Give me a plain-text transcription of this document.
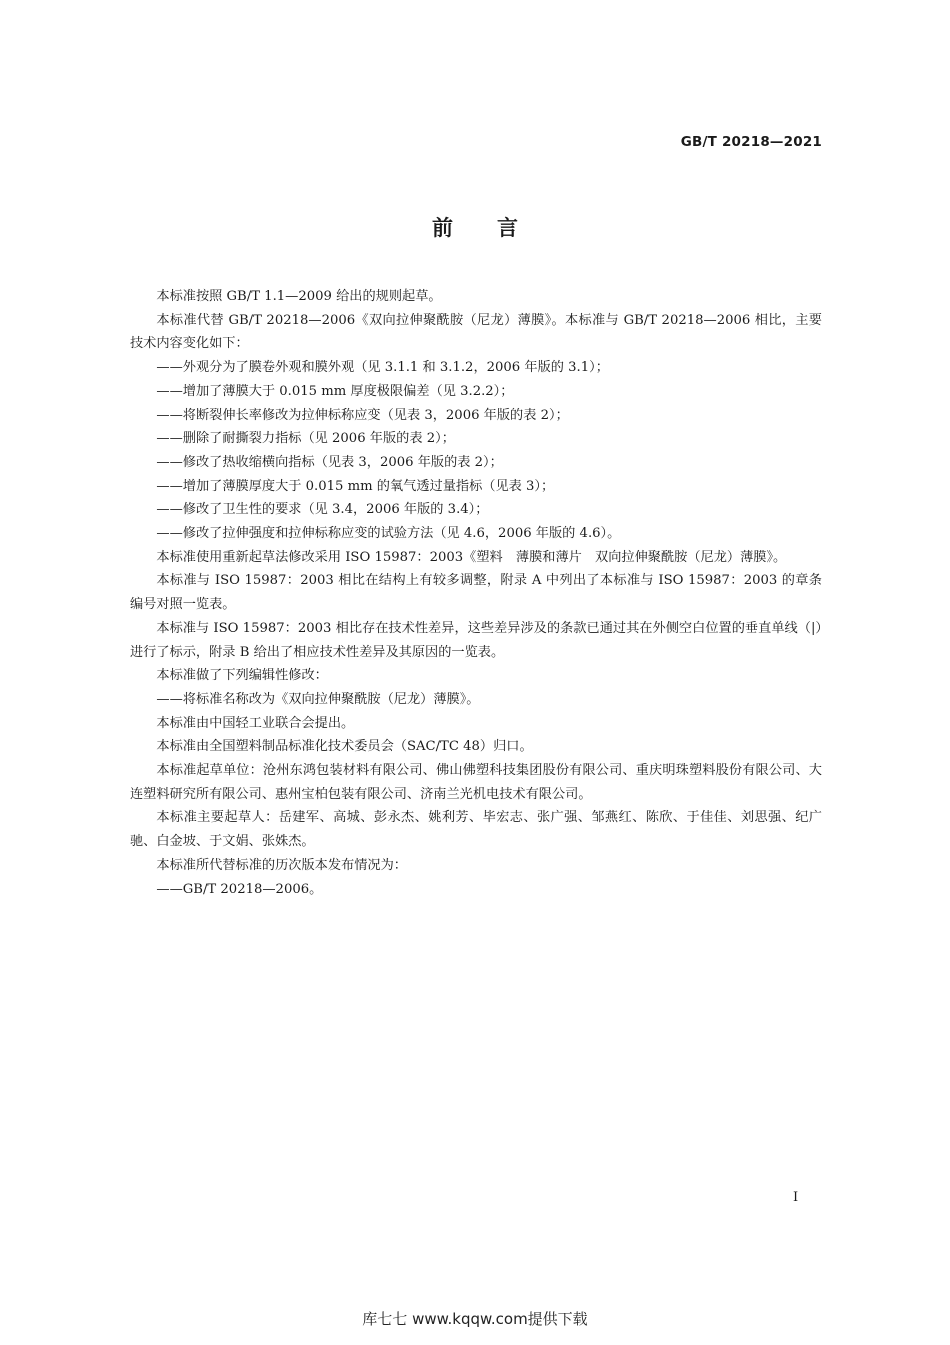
GB/T 20218—2021
前言

本标准按照 GB/T 1.1—2009 给出的规则起草。

本标准代替 GB/T 20218—2006《双向拉伸聚酰胺（尼龙）薄膜》。本标准与 GB/T 20218—2006 相比，主要技术内容变化如下：

——外观分为了膜卷外观和膜外观（见 3.1.1 和 3.1.2，2006 年版的 3.1）；

——增加了薄膜大于 0.015 mm 厚度极限偏差（见 3.2.2）；

——将断裂伸长率修改为拉伸标称应变（见表 3，2006 年版的表 2）；

——删除了耐撕裂力指标（见 2006 年版的表 2）；

——修改了热收缩横向指标（见表 3，2006 年版的表 2）；

——增加了薄膜厚度大于 0.015 mm 的氧气透过量指标（见表 3）；

——修改了卫生性的要求（见 3.4，2006 年版的 3.4）；

——修改了拉伸强度和拉伸标称应变的试验方法（见 4.6，2006 年版的 4.6）。

本标准使用重新起草法修改采用 ISO 15987：2003《塑料　薄膜和薄片　双向拉伸聚酰胺（尼龙）薄膜》。

本标准与 ISO 15987：2003 相比在结构上有较多调整，附录 A 中列出了本标准与 ISO 15987：2003 的章条编号对照一览表。

本标准与 ISO 15987：2003 相比存在技术性差异，这些差异涉及的条款已通过其在外侧空白位置的垂直单线（|）进行了标示，附录 B 给出了相应技术性差异及其原因的一览表。

本标准做了下列编辑性修改：

——将标准名称改为《双向拉伸聚酰胺（尼龙）薄膜》。

本标准由中国轻工业联合会提出。

本标准由全国塑料制品标准化技术委员会（SAC/TC 48）归口。

本标准起草单位：沧州东鸿包装材料有限公司、佛山佛塑科技集团股份有限公司、重庆明珠塑料股份有限公司、大连塑料研究所有限公司、惠州宝柏包装有限公司、济南兰光机电技术有限公司。

本标准主要起草人：岳建军、高城、彭永杰、姚利芳、毕宏志、张广强、邹燕红、陈欣、于佳佳、刘思强、纪广驰、白金坡、于文娟、张姝杰。

本标准所代替标准的历次版本发布情况为：

——GB/T 20218—2006。

I
库七七 www.kqqw.com提供下载
